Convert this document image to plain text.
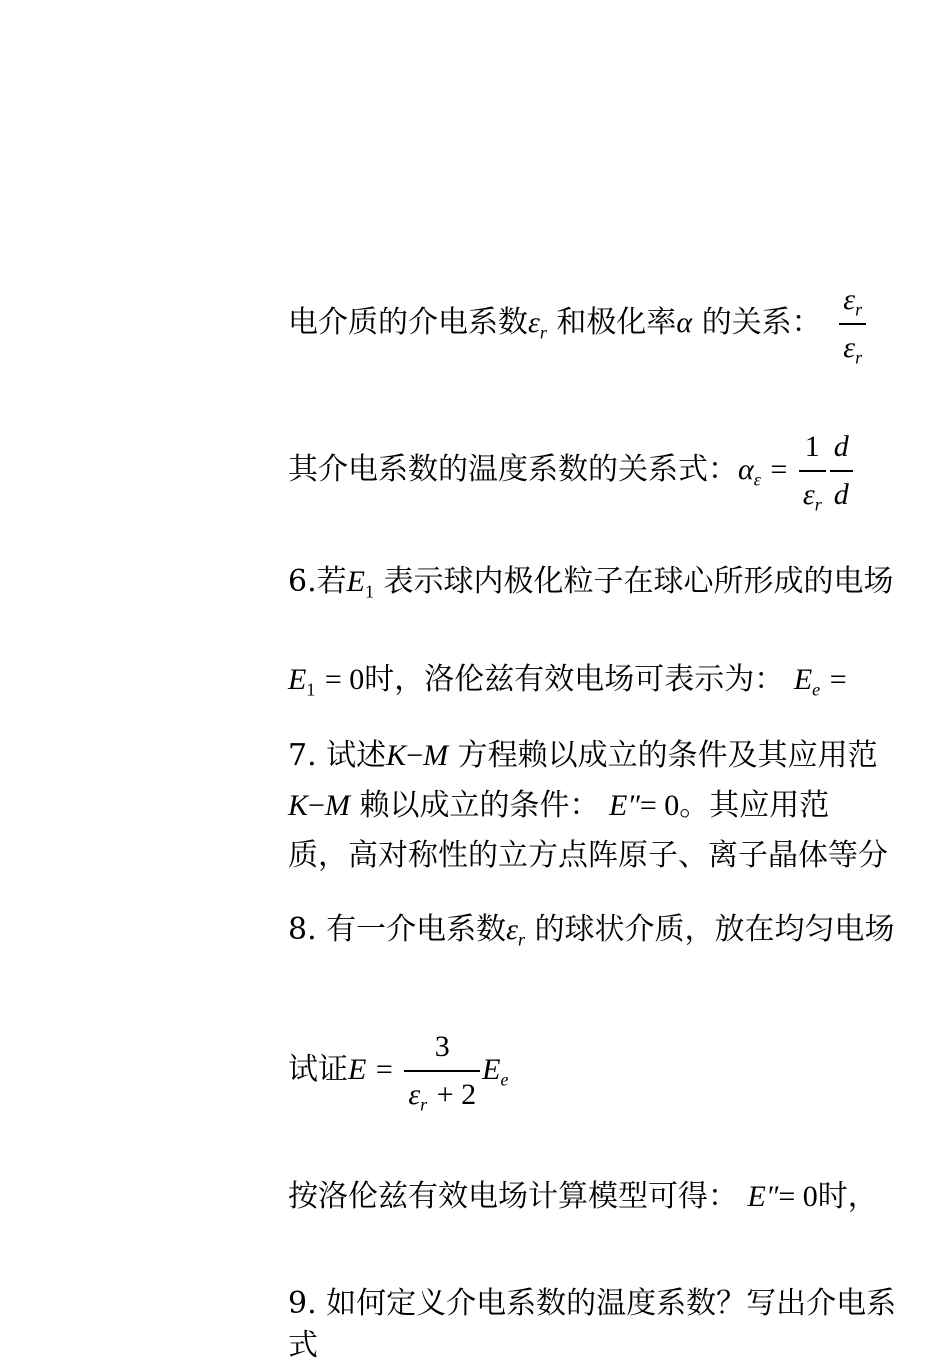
电介质的介电系数$\varepsilon_r$ 和极化率α 的关系： $\frac{\varepsilon_r}{\varepsilon_r}$
其介电系数的温度系数的关系式：$\alpha_\varepsilon = \frac{1}{\varepsilon_r} \frac{d}{d}$
6.若$E_1$ 表示球内极化粒子在球心所形成的电场
$E_1 = 0$时，洛伦兹有效电场可表示为： $E_e$ =
7. 试述K−M 方程赖以成立的条件及其应用范
K−M 赖以成立的条件： E″= 0。其应用范
质，高对称性的立方点阵原子、离子晶体等分
8. 有一介电系数$\varepsilon_r$ 的球状介质，放在均匀电场
试证$E = \frac{3}{\varepsilon_r + 2} E_e$
按洛伦兹有效电场计算模型可得： E″= 0时，
9. 如何定义介电系数的温度系数？写出介电系
式
